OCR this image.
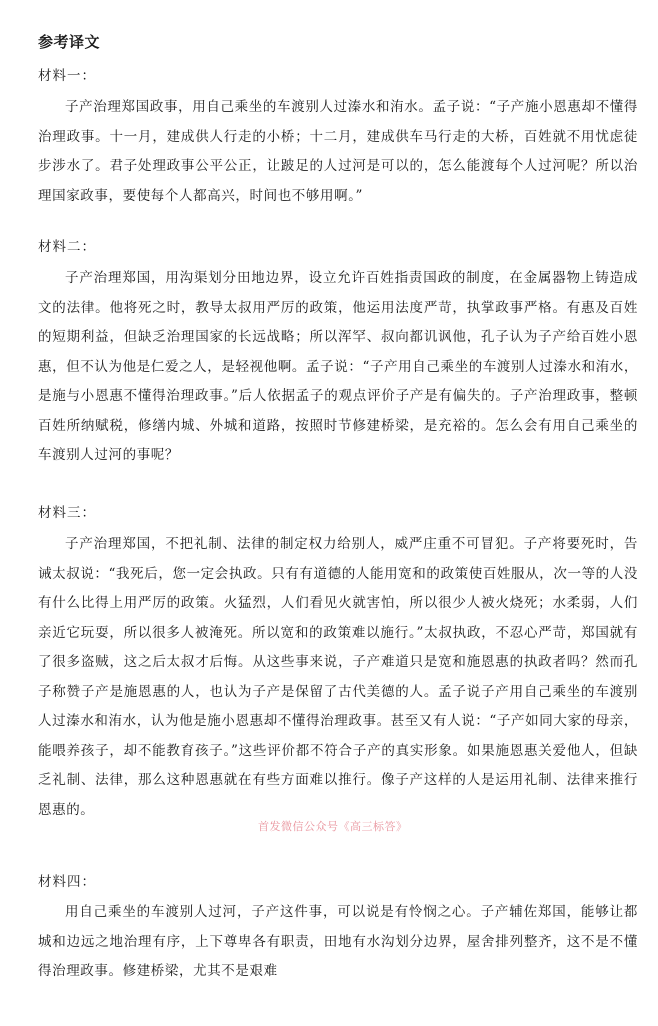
参考译文
材料一：

子产治理郑国政事，用自己乘坐的车渡别人过溱水和洧水。孟子说：“子产施小恩惠却不懂得治理政事。十一月，建成供人行走的小桥；十二月，建成供车马行走的大桥，百姓就不用忧虑徒步涉水了。君子处理政事公平公正，让跛足的人过河是可以的，怎么能渡每个人过河呢？所以治理国家政事，要使每个人都高兴，时间也不够用啊。”

材料二：

子产治理郑国，用沟渠划分田地边界，设立允许百姓指责国政的制度，在金属器物上铸造成文的法律。他将死之时，教导太叔用严厉的政策，他运用法度严苛，执掌政事严格。有惠及百姓的短期利益，但缺乏治理国家的长远战略；所以浑罕、叔向都讥讽他，孔子认为子产给百姓小恩惠，但不认为他是仁爱之人，是轻视他啊。孟子说：“子产用自己乘坐的车渡别人过溱水和洧水，是施与小恩惠不懂得治理政事。”后人依据孟子的观点评价子产是有偏失的。子产治理政事，整顿百姓所纳赋税，修缮内城、外城和道路，按照时节修建桥梁，是充裕的。怎么会有用自己乘坐的车渡别人过河的事呢？

材料三：

子产治理郑国，不把礼制、法律的制定权力给别人，威严庄重不可冒犯。子产将要死时，告诫太叔说：“我死后，您一定会执政。只有有道德的人能用宽和的政策使百姓服从，次一等的人没有什么比得上用严厉的政策。火猛烈，人们看见火就害怕，所以很少人被火烧死；水柔弱，人们亲近它玩耍，所以很多人被淹死。所以宽和的政策难以施行。”太叔执政，不忍心严苛，郑国就有了很多盗贼，这之后太叔才后悔。从这些事来说，子产难道只是宽和施恩惠的执政者吗？然而孔子称赞子产是施恩惠的人，也认为子产是保留了古代美德的人。孟子说子产用自己乘坐的车渡别人过溱水和洧水，认为他是施小恩惠却不懂得治理政事。甚至又有人说：“子产如同大家的母亲，能喂养孩子，却不能教育孩子。”这些评价都不符合子产的真实形象。如果施恩惠关爱他人，但缺乏礼制、法律，那么这种恩惠就在有些方面难以推行。像子产这样的人是运用礼制、法律来推行恩惠的。

首发微信公众号《高三标答》
材料四：

用自己乘坐的车渡别人过河，子产这件事，可以说是有怜悯之心。子产辅佐郑国，能够让都城和边远之地治理有序，上下尊卑各有职责，田地有水沟划分边界，屋舍排列整齐，这不是不懂得治理政事。修建桥梁，尤其不是艰难
